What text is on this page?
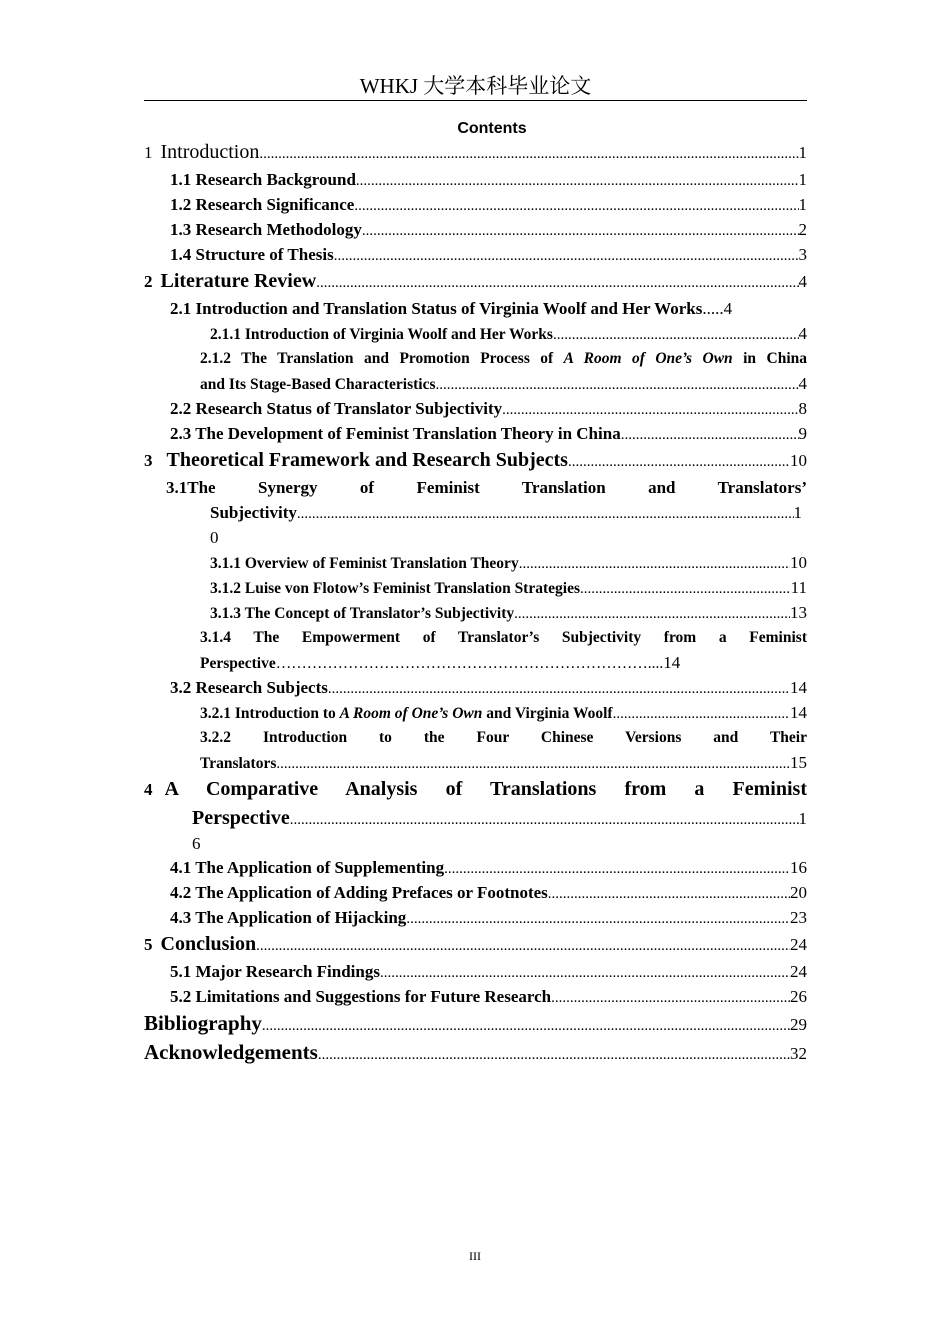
WHKJ 大学本科毕业论文
Contents
1 Introduction .....	1
1.1 Research Background .....	1
1.2 Research Significance .....	1
1.3 Research Methodology .....	2
1.4 Structure of Thesis .....	3
2 Literature Review .....	4
2.1 Introduction and Translation Status of Virginia Woolf and Her Works ..... 4
2.1.1 Introduction of Virginia Woolf and Her Works .....	4
2.1.2 The Translation and Promotion Process of A Room of One’s Own in China
and Its Stage-Based Characteristics .....	4
2.2 Research Status of Translator Subjectivity .....	8
2.3 The Development of Feminist Translation Theory in China .....	9
3 Theoretical Framework and Research Subjects .....	10
3.1The Synergy of Feminist Translation and Translators’
Subjectivity .....	1
0
3.1.1 Overview of Feminist Translation Theory .....	10
3.1.2 Luise von Flotow’s Feminist Translation Strategies .....	11
3.1.3 The Concept of Translator’s Subjectivity .....	13
3.1.4 The Empowerment of Translator’s Subjectivity from a Feminist
Perspective………………………………………………………………....14
3.2 Research Subjects .....	14
3.2.1 Introduction to A Room of One’s Own and Virginia Woolf .....	14
3.2.2 Introduction to the Four Chinese Versions and Their
Translators .....	15
4 A Comparative Analysis of Translations from a Feminist
Perspective .....	1
6
4.1 The Application of Supplementing .....	16
4.2 The Application of Adding Prefaces or Footnotes .....	20
4.3 The Application of Hijacking .....	23
5 Conclusion .....	24
5.1 Major Research Findings .....	24
5.2 Limitations and Suggestions for Future Research .....	26
Bibliography .....	29
Acknowledgements .....	32
III
